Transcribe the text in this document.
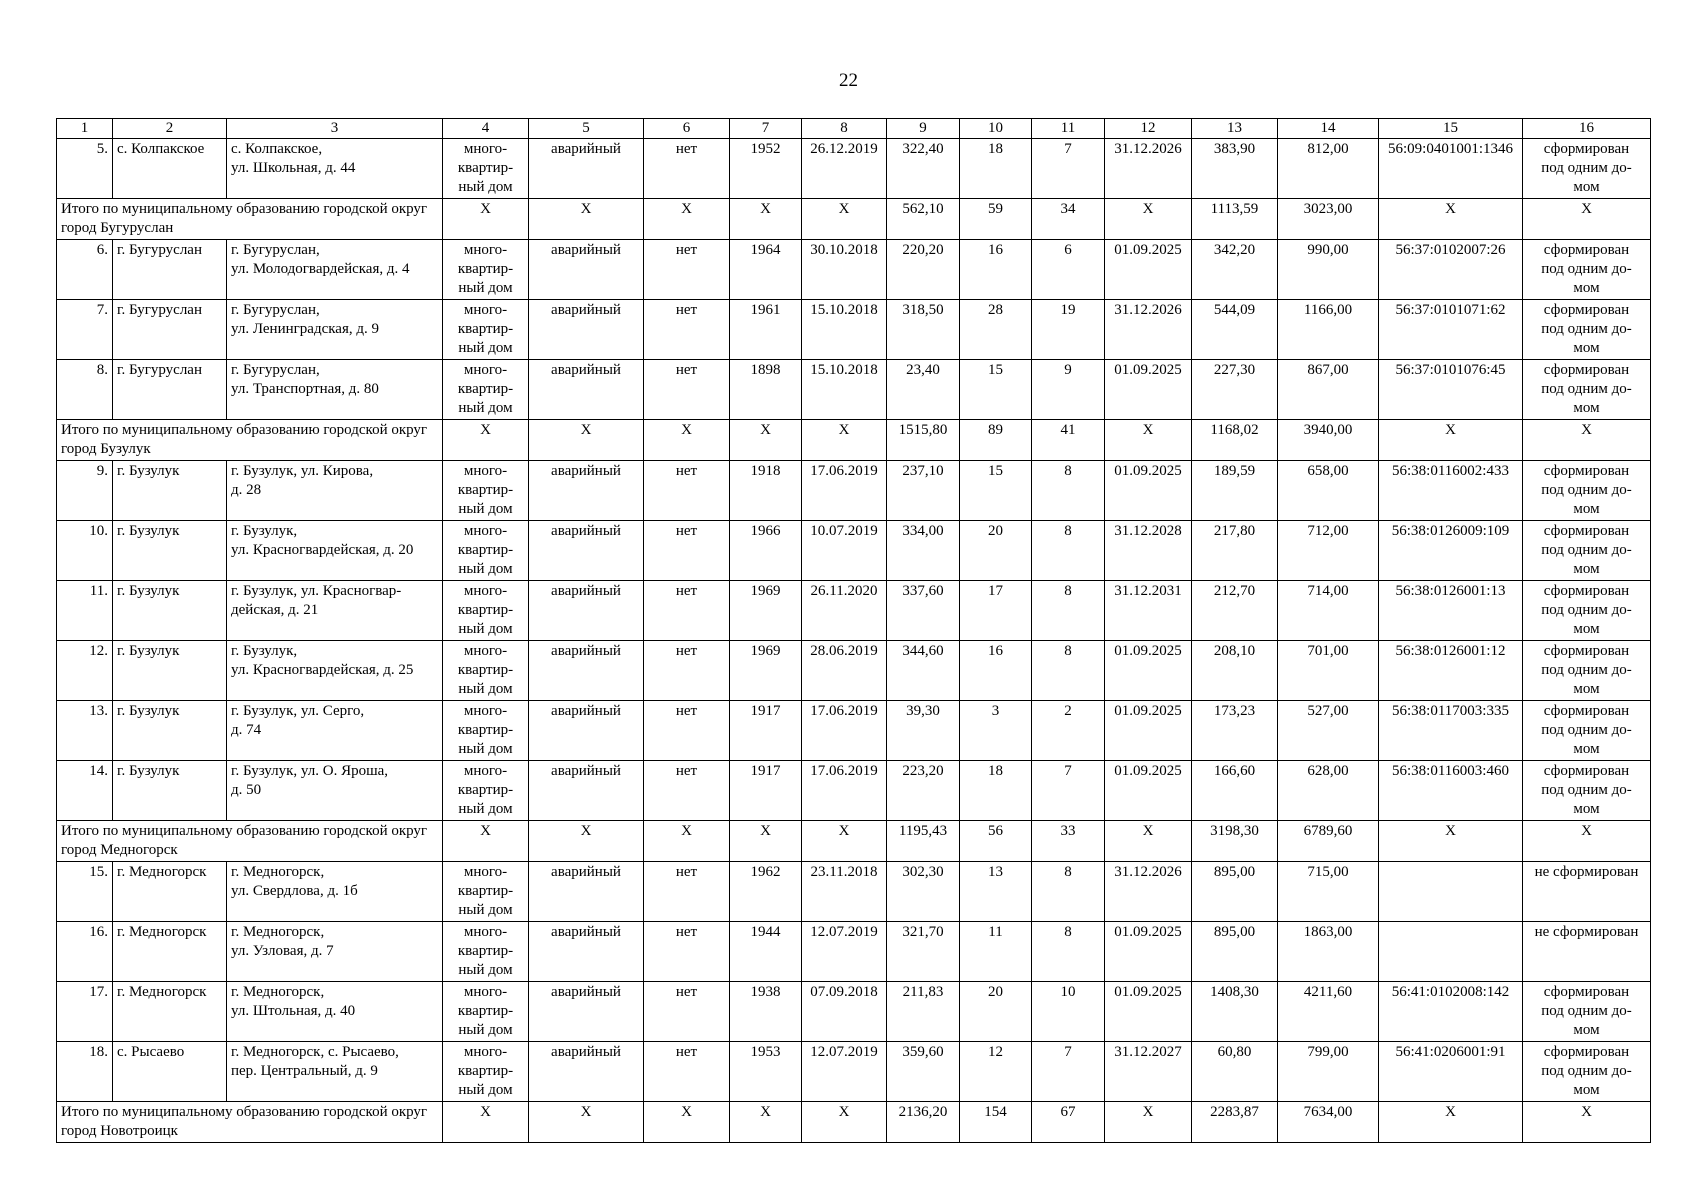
22
1	2	3	4	5	6	7	8	9	10	11	12	13	14	15	16
5.	с. Колпакское	с. Колпакское,
ул. Школьная, д. 44	много-
квартир-
ный дом	аварийный	нет	1952	26.12.2019	322,40	18	7	31.12.2026	383,90	812,00	56:09:0401001:1346	сформирован
под одним до-
мом
Итого по муниципальному образованию городской округ город Бугуруслан			Х	Х	Х	Х	Х	562,10	59	34	Х	1113,59	3023,00	Х	Х
6.	г. Бугуруслан	г. Бугуруслан,
ул. Молодогвардейская, д. 4	много-
квартир-
ный дом	аварийный	нет	1964	30.10.2018	220,20	16	6	01.09.2025	342,20	990,00	56:37:0102007:26	сформирован
под одним до-
мом
7.	г. Бугуруслан	г. Бугуруслан,
ул. Ленинградская, д. 9	много-
квартир-
ный дом	аварийный	нет	1961	15.10.2018	318,50	28	19	31.12.2026	544,09	1166,00	56:37:0101071:62	сформирован
под одним до-
мом
8.	г. Бугуруслан	г. Бугуруслан,
ул. Транспортная, д. 80	много-
квартир-
ный дом	аварийный	нет	1898	15.10.2018	23,40	15	9	01.09.2025	227,30	867,00	56:37:0101076:45	сформирован
под одним до-
мом
Итого по муниципальному образованию городской округ город Бузулук			Х	Х	Х	Х	Х	1515,80	89	41	Х	1168,02	3940,00	Х	Х
9.	г. Бузулук	г. Бузулук, ул. Кирова,
д. 28	много-
квартир-
ный дом	аварийный	нет	1918	17.06.2019	237,10	15	8	01.09.2025	189,59	658,00	56:38:0116002:433	сформирован
под одним до-
мом
10.	г. Бузулук	г. Бузулук,
ул. Красногвардейская, д. 20	много-
квартир-
ный дом	аварийный	нет	1966	10.07.2019	334,00	20	8	31.12.2028	217,80	712,00	56:38:0126009:109	сформирован
под одним до-
мом
11.	г. Бузулук	г. Бузулук, ул. Красногвар-
дейская, д. 21	много-
квартир-
ный дом	аварийный	нет	1969	26.11.2020	337,60	17	8	31.12.2031	212,70	714,00	56:38:0126001:13	сформирован
под одним до-
мом
12.	г. Бузулук	г. Бузулук,
ул. Красногвардейская, д. 25	много-
квартир-
ный дом	аварийный	нет	1969	28.06.2019	344,60	16	8	01.09.2025	208,10	701,00	56:38:0126001:12	сформирован
под одним до-
мом
13.	г. Бузулук	г. Бузулук, ул. Серго,
д. 74	много-
квартир-
ный дом	аварийный	нет	1917	17.06.2019	39,30	3	2	01.09.2025	173,23	527,00	56:38:0117003:335	сформирован
под одним до-
мом
14.	г. Бузулук	г. Бузулук, ул. О. Яроша,
д. 50	много-
квартир-
ный дом	аварийный	нет	1917	17.06.2019	223,20	18	7	01.09.2025	166,60	628,00	56:38:0116003:460	сформирован
под одним до-
мом
Итого по муниципальному образованию городской округ город Медногорск			Х	Х	Х	Х	Х	1195,43	56	33	Х	3198,30	6789,60	Х	Х
15.	г. Медногорск	г. Медногорск,
ул. Свердлова, д. 1б	много-
квартир-
ный дом	аварийный	нет	1962	23.11.2018	302,30	13	8	31.12.2026	895,00	715,00		не сформирован
16.	г. Медногорск	г. Медногорск,
ул. Узловая, д. 7	много-
квартир-
ный дом	аварийный	нет	1944	12.07.2019	321,70	11	8	01.09.2025	895,00	1863,00		не сформирован
17.	г. Медногорск	г. Медногорск,
ул. Штольная, д. 40	много-
квартир-
ный дом	аварийный	нет	1938	07.09.2018	211,83	20	10	01.09.2025	1408,30	4211,60	56:41:0102008:142	сформирован
под одним до-
мом
18.	с. Рысаево	г. Медногорск, с. Рысаево,
пер. Центральный, д. 9	много-
квартир-
ный дом	аварийный	нет	1953	12.07.2019	359,60	12	7	31.12.2027	60,80	799,00	56:41:0206001:91	сформирован
под одним до-
мом
Итого по муниципальному образованию городской округ город Новотроицк			Х	Х	Х	Х	Х	2136,20	154	67	Х	2283,87	7634,00	Х	Х
